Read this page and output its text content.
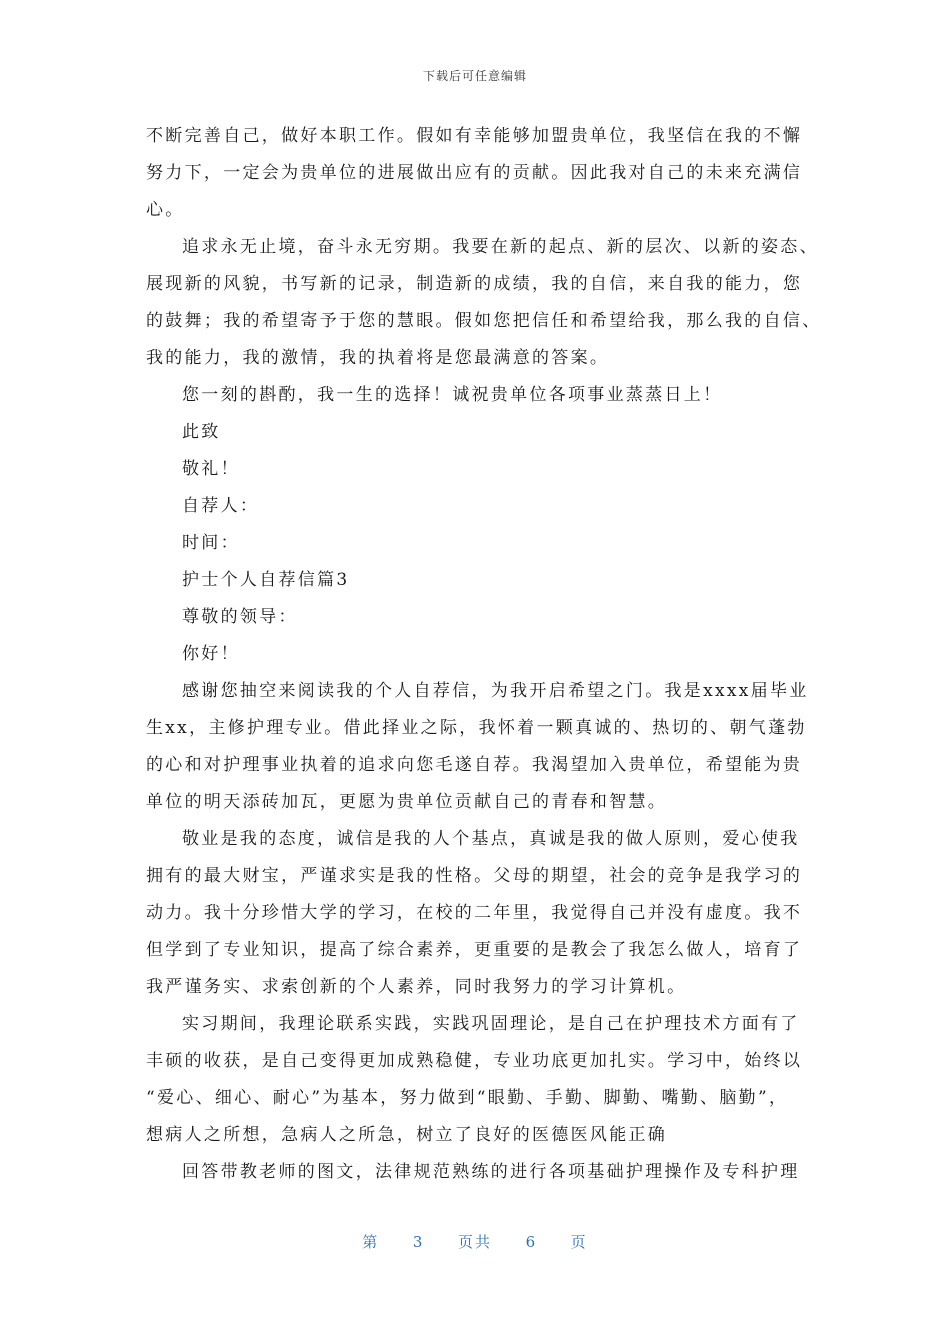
下载后可任意编辑
不断完善自己，做好本职工作。假如有幸能够加盟贵单位，我坚信在我的不懈
努力下，一定会为贵单位的进展做出应有的贡献。因此我对自己的未来充满信
心。
追求永无止境，奋斗永无穷期。我要在新的起点、新的层次、以新的姿态、
展现新的风貌，书写新的记录，制造新的成绩，我的自信，来自我的能力，您
的鼓舞；我的希望寄予于您的慧眼。假如您把信任和希望给我，那么我的自信、
我的能力，我的激情，我的执着将是您最满意的答案。
您一刻的斟酌，我一生的选择！诚祝贵单位各项事业蒸蒸日上！
此致
敬礼！
自荐人：
时间：
护士个人自荐信篇3
尊敬的领导：
你好！
感谢您抽空来阅读我的个人自荐信，为我开启希望之门。我是xxxx届毕业
生xx，主修护理专业。借此择业之际，我怀着一颗真诚的、热切的、朝气蓬勃
的心和对护理事业执着的追求向您毛遂自荐。我渴望加入贵单位，希望能为贵
单位的明天添砖加瓦，更愿为贵单位贡献自己的青春和智慧。
敬业是我的态度，诚信是我的人个基点，真诚是我的做人原则，爱心使我
拥有的最大财宝，严谨求实是我的性格。父母的期望，社会的竞争是我学习的
动力。我十分珍惜大学的学习，在校的二年里，我觉得自己并没有虚度。我不
但学到了专业知识，提高了综合素养，更重要的是教会了我怎么做人，培育了
我严谨务实、求索创新的个人素养，同时我努力的学习计算机。
实习期间，我理论联系实践，实践巩固理论，是自己在护理技术方面有了
丰硕的收获，是自己变得更加成熟稳健，专业功底更加扎实。学习中，始终以
“爱心、细心、耐心”为基本，努力做到“眼勤、手勤、脚勤、嘴勤、脑勤”，
想病人之所想，急病人之所急，树立了良好的医德医风能正确
回答带教老师的图文，法律规范熟练的进行各项基础护理操作及专科护理
第 3 页共 6 页
